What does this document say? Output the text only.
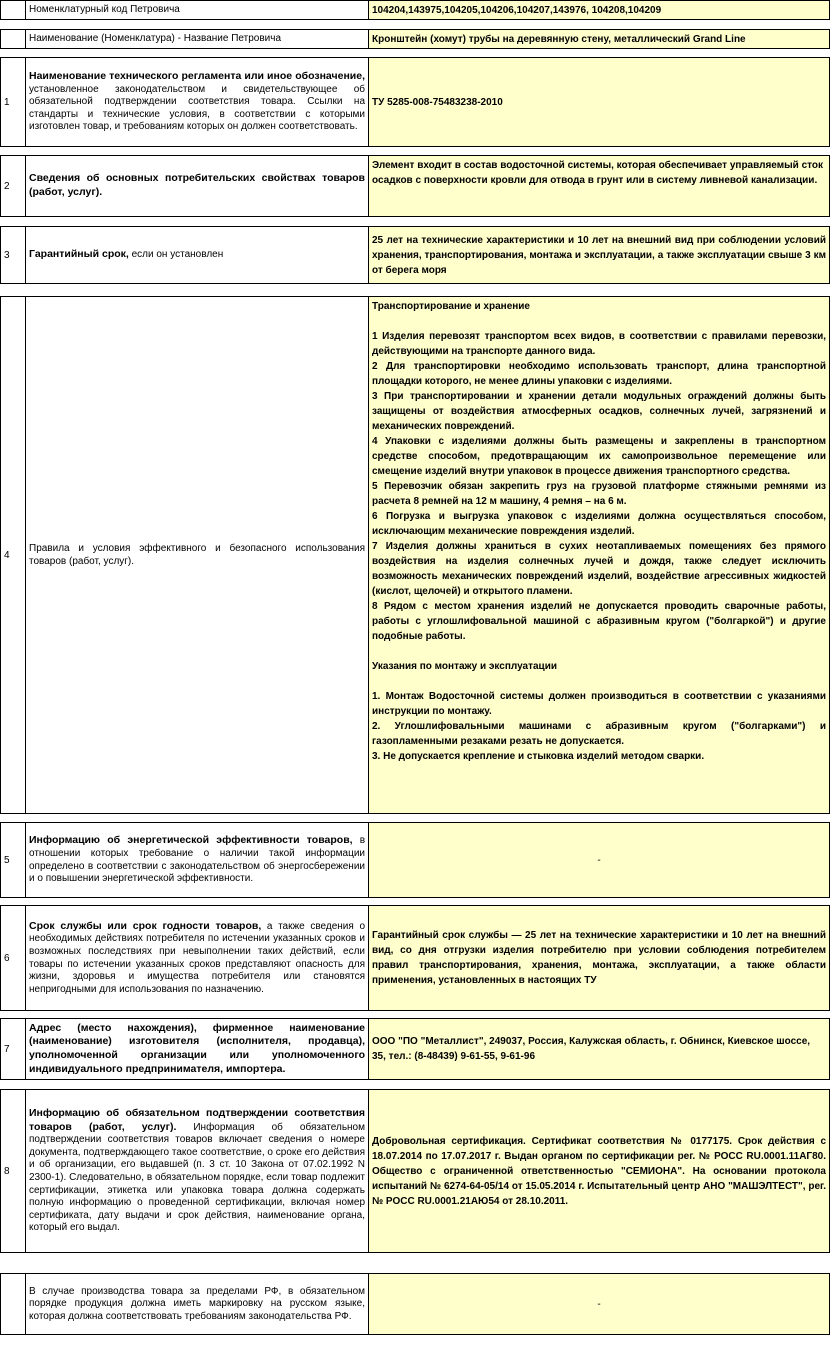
Номенклатурный код Петровича	104204,143975,104205,104206,104207,143976, 104208,104209
Наименование (Номенклатура) - Название Петровича	Кронштейн (хомут) трубы на деревянную стену, металлический Grand Line
1
Наименование технического регламента или иное обозначение, установленное законодательством и свидетельствующее об обязательной подтверждении соответствия товара. Ссылки на стандарты и технические условия, в соответствии с которыми изготовлен товар, и требованиям которых он должен соответствовать.
ТУ 5285-008-75483238-2010
2
Сведения об основных потребительских свойствах товаров (работ, услуг).
Элемент входит в состав водосточной системы, которая обеспечивает управляемый сток осадков с поверхности кровли для отвода в грунт или в систему ливневой канализации.
3 Гарантийный срок, если он установлен
25 лет на технические характеристики и 10 лет на внешний вид при соблюдении условий хранения, транспортирования, монтажа и эксплуатации, а также эксплуатации свыше 3 км от берега моря
4
Правила и условия эффективного и безопасного использования товаров (работ, услуг).
Транспортирование и хранение

1 Изделия перевозят транспортом всех видов, в соответствии с правилами перевозки, действующими на транспорте данного вида.
2 Для транспортировки необходимо использовать транспорт, длина транспортной площадки которого, не менее длины упаковки с изделиями.
3 При транспортировании и хранении детали модульных ограждений должны быть защищены от воздействия атмосферных осадков, солнечных лучей, загрязнений и механических повреждений.
4 Упаковки с изделиями должны быть размещены и закреплены в транспортном средстве способом, предотвращающим их самопроизвольное перемещение или смещение изделий внутри упаковок в процессе движения транспортного средства.
5 Перевозчик обязан закрепить груз на грузовой платформе стяжными ремнями из расчета 8 ремней на 12 м машину, 4 ремня – на 6 м.
6 Погрузка и выгрузка упаковок с изделиями должна осуществляться способом, исключающим механические повреждения изделий.
7 Изделия должны храниться в сухих неотапливаемых помещениях без прямого воздействия на изделия солнечных лучей и дождя, также следует исключить возможность механических повреждений изделий, воздействие агрессивных жидкостей (кислот, щелочей) и открытого пламени.
8 Рядом с местом хранения изделий не допускается проводить сварочные работы, работы с углошлифовальной машиной с абразивным кругом ("болгаркой") и другие подобные работы.

Указания по монтажу и эксплуатации

1. Монтаж Водосточной системы должен производиться в соответствии с указаниями инструкции по монтажу.
2. Углошлифовальными машинами с абразивным кругом ("болгарками") и газопламенными резаками резать не допускается.
3. Не допускается крепление и стыковка изделий методом сварки.
5
Информацию об энергетической эффективности товаров, в отношении которых требование о наличии такой информации определено в соответствии с законодательством об энергосбережении и о повышении энергетической эффективности.
-
6
Срок службы или срок годности товаров, а также сведения о необходимых действиях потребителя по истечении указанных сроков и возможных последствиях при невыполнении таких действий, если товары по истечении указанных сроков представляют опасность для жизни, здоровья и имущества потребителя или становятся непригодными для использования по назначению.
Гарантийный срок службы — 25 лет на технические характеристики и 10 лет на внешний вид, со дня отгрузки изделия потребителю при условии соблюдения потребителем правил транспортирования, хранения, монтажа, эксплуатации, а также области применения, установленных в настоящих ТУ
7
Адрес (место нахождения), фирменное наименование (наименование) изготовителя (исполнителя, продавца), уполномоченной организации или уполномоченного индивидуального предпринимателя, импортера.
ООО "ПО "Металлист", 249037, Россия, Калужская область, г. Обнинск, Киевское шоссе, 35, тел.: (8-48439) 9-61-55, 9-61-96
8
Информацию об обязательном подтверждении соответствия товаров (работ, услуг). Информация об обязательном подтверждении соответствия товаров включает сведения о номере документа, подтверждающего такое соответствие, о сроке его действия и об организации, его выдавшей (п. 3 ст. 10 Закона от 07.02.1992 N 2300-1). Следовательно, в обязательном порядке, если товар подлежит сертификации, этикетка или упаковка товара должна содержать полную информацию о проведенной сертификации, включая номер сертификата, дату выдачи и срок действия, наименование органа, который его выдал.
Добровольная сертификация. Сертификат соответствия № 0177175. Срок действия с 18.07.2014 по 17.07.2017 г. Выдан органом по сертификации рег. № РОСС RU.0001.11АГ80. Общество с ограниченной ответственностью "СЕМИОНА". На основании протокола испытаний № 6274-64-05/14 от 15.05.2014 г. Испытательный центр АНО "МАШЭЛТЕСТ", рег. № РОСС RU.0001.21АЮ54 от 28.10.2011.
В случае производства товара за пределами РФ, в обязательном порядке продукция должна иметь маркировку на русском языке, которая должна соответствовать требованиям законодательства РФ.
-
